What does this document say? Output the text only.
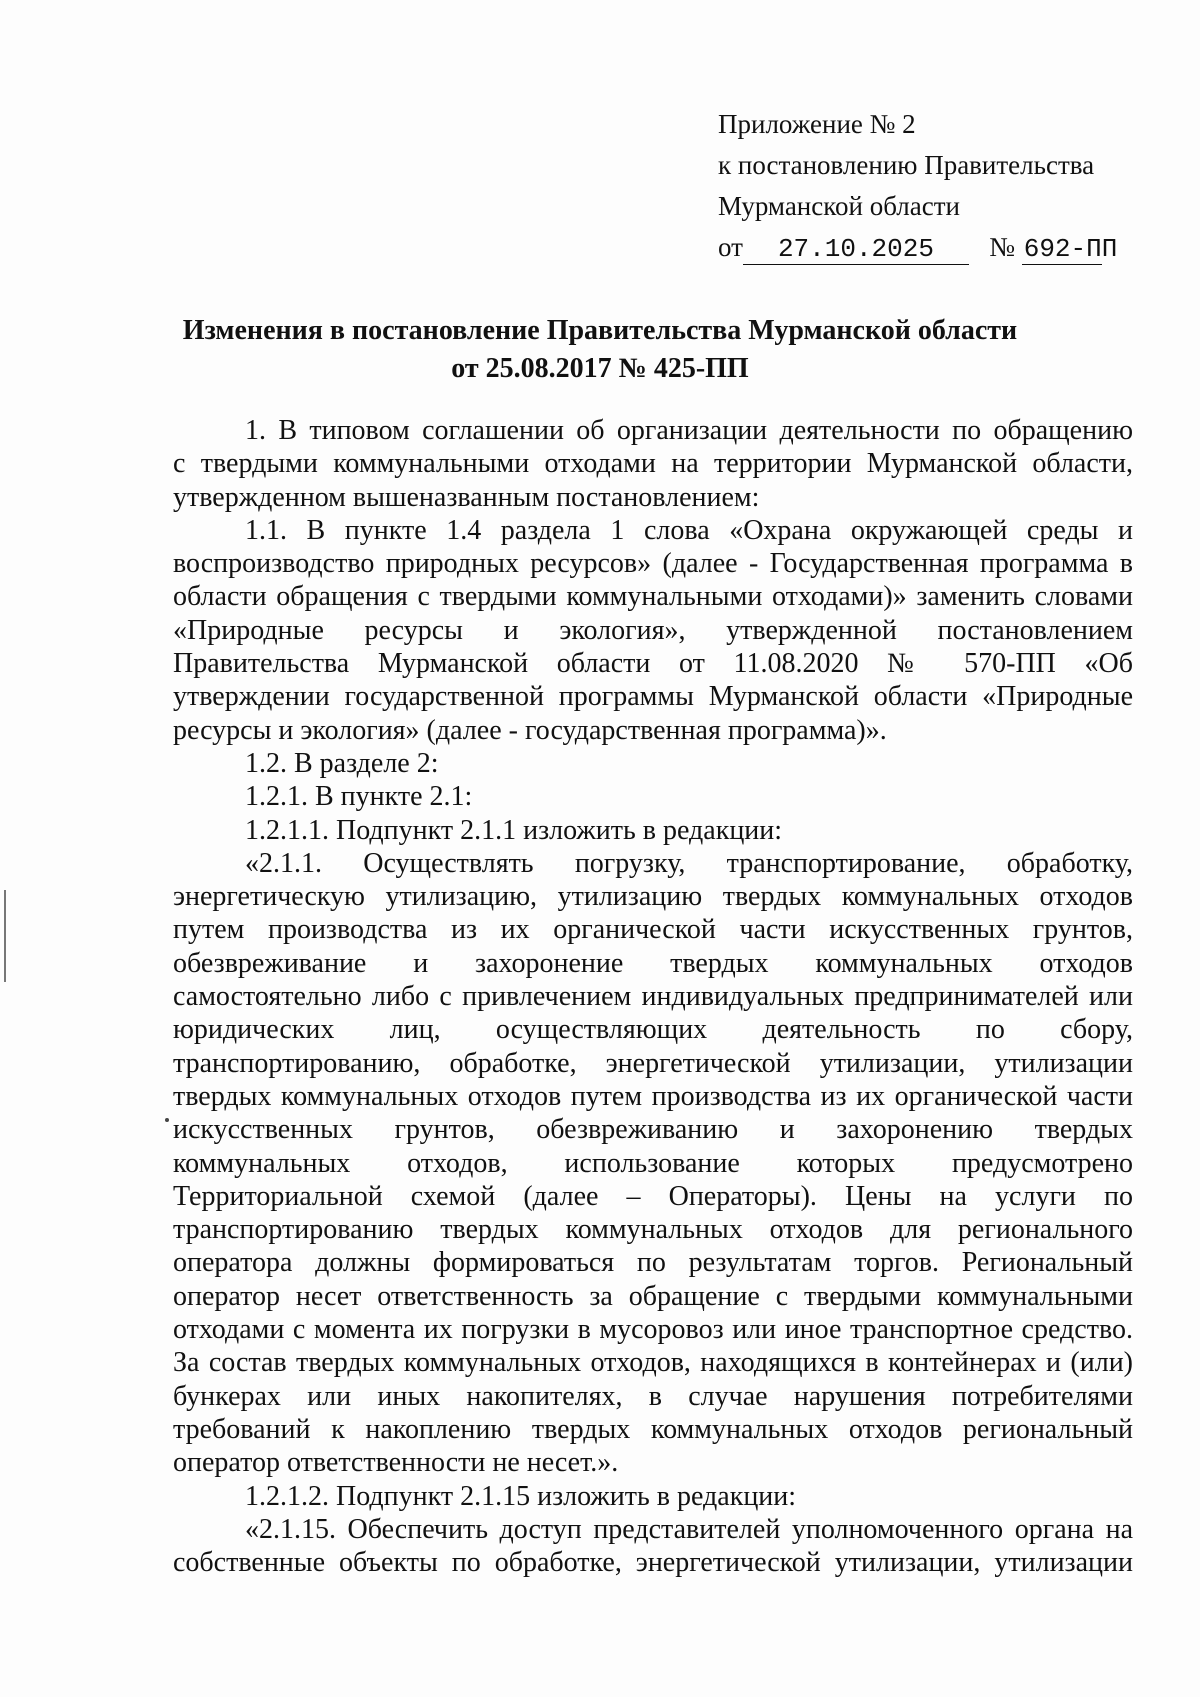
Приложение № 2
к постановлению Правительства
Мурманской области
от 27.10.2025 № 692-ПП
Изменения в постановление Правительства Мурманской области
от 25.08.2017 № 425-ПП

1. В типовом соглашении об организации деятельности по обращению
с твердыми коммунальными отходами на территории Мурманской области,
утвержденном вышеназванным постановлением:

1.1. В пункте 1.4 раздела 1 слова «Охрана окружающей среды и
воспроизводство природных ресурсов» (далее - Государственная программа в
области обращения с твердыми коммунальными отходами)» заменить словами
«Природные ресурсы и экология», утвержденной постановлением
Правительства Мурманской области от 11.08.2020 № 570-ПП «Об
утверждении государственной программы Мурманской области «Природные
ресурсы и экология» (далее - государственная программа)».

1.2. В разделе 2:

1.2.1. В пункте 2.1:

1.2.1.1. Подпункт 2.1.1 изложить в редакции:

«2.1.1. Осуществлять погрузку, транспортирование, обработку,
энергетическую утилизацию, утилизацию твердых коммунальных отходов
путем производства из их органической части искусственных грунтов,
обезвреживание и захоронение твердых коммунальных отходов
самостоятельно либо с привлечением индивидуальных предпринимателей или
юридических лиц, осуществляющих деятельность по сбору,
транспортированию, обработке, энергетической утилизации, утилизации
твердых коммунальных отходов путем производства из их органической части
искусственных грунтов, обезвреживанию и захоронению твердых
коммунальных отходов, использование которых предусмотрено
Территориальной схемой (далее – Операторы). Цены на услуги по
транспортированию твердых коммунальных отходов для регионального
оператора должны формироваться по результатам торгов. Региональный
оператор несет ответственность за обращение с твердыми коммунальными
отходами с момента их погрузки в мусоровоз или иное транспортное средство.
За состав твердых коммунальных отходов, находящихся в контейнерах и (или)
бункерах или иных накопителях, в случае нарушения потребителями
требований к накоплению твердых коммунальных отходов региональный
оператор ответственности не несет.».

1.2.1.2. Подпункт 2.1.15 изложить в редакции:

«2.1.15. Обеспечить доступ представителей уполномоченного органа на
собственные объекты по обработке, энергетической утилизации, утилизации
